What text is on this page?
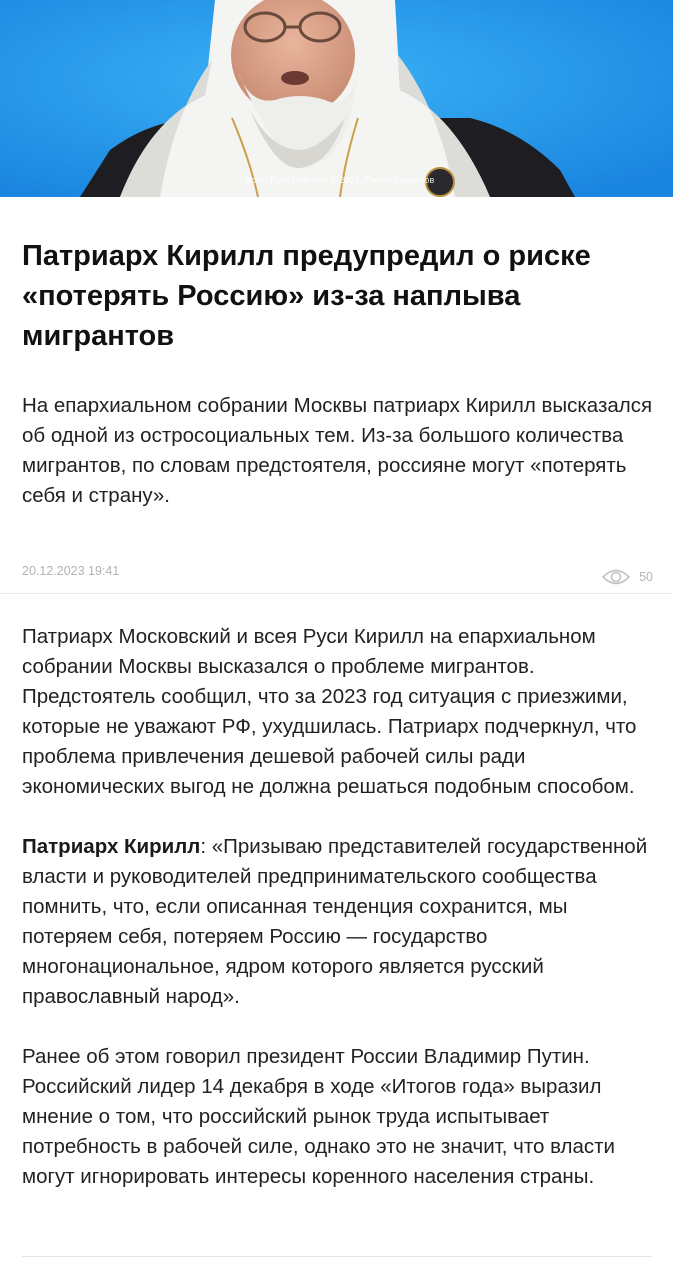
Фото: РИА Новости © 2023, Павел Бедняков
Патриарх Кирилл предупредил о риске «потерять Россию» из-за наплыва мигрантов

На епархиальном собрании Москвы патриарх Кирилл высказался об одной из остросоциальных тем. Из-за большого количества мигрантов, по словам предстоятеля, россияне могут «потерять себя и страну».

20.12.2023 19:41	50

Патриарх Московский и всея Руси Кирилл на епархиальном собрании Москвы высказался о проблеме мигрантов. Предстоятель сообщил, что за 2023 год ситуация с приезжими, которые не уважают РФ, ухудшилась. Патриарх подчеркнул, что проблема привлечения дешевой рабочей силы ради экономических выгод не должна решаться подобным способом.

Патриарх Кирилл: «Призываю представителей государственной власти и руководителей предпринимательского сообщества помнить, что, если описанная тенденция сохранится, мы потеряем себя, потеряем Россию — государство многонациональное, ядром которого является русский православный народ».

Ранее об этом говорил президент России Владимир Путин. Российский лидер 14 декабря в ходе «Итогов года» выразил мнение о том, что российский рынок труда испытывает потребность в рабочей силе, однако это не значит, что власти могут игнорировать интересы коренного населения страны.
